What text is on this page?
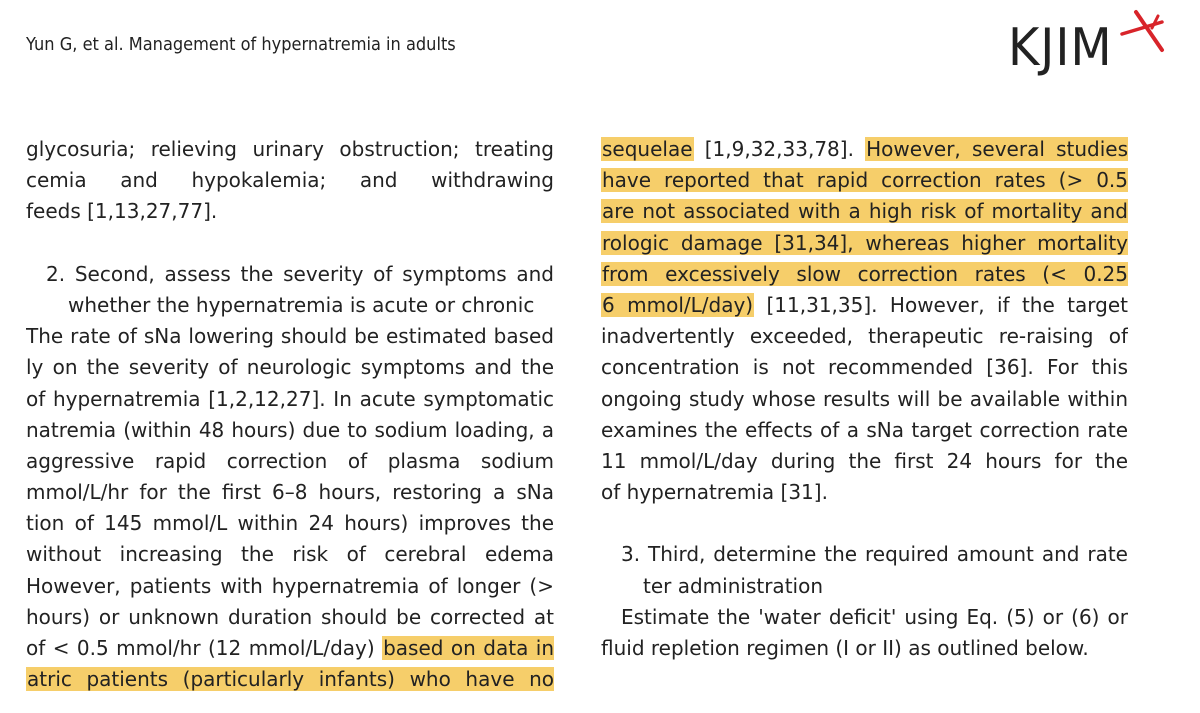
Yun G, et al. Management of hypernatremia in adults	KJIM
glycosuria; relieving urinary obstruction; treating
cemia and hypokalemia; and withdrawing
feeds [1,13,27,77].
2. Second, assess the severity of symptoms and
whether the hypernatremia is acute or chronic
The rate of sNa lowering should be estimated based
ly on the severity of neurologic symptoms and the
of hypernatremia [1,2,12,27]. In acute symptomatic
natremia (within 48 hours) due to sodium loading, a
aggressive rapid correction of plasma sodium
mmol/L/hr for the first 6–8 hours, restoring a sNa
tion of 145 mmol/L within 24 hours) improves the
without increasing the risk of cerebral edema
However, patients with hypernatremia of longer (>
hours) or unknown duration should be corrected at
of < 0.5 mmol/hr (12 mmol/L/day) based on data in
atric patients (particularly infants) who have no
sequelae [1,9,32,33,78]. However, several studies
have reported that rapid correction rates (> 0.5
are not associated with a high risk of mortality and
rologic damage [31,34], whereas higher mortality
from excessively slow correction rates (< 0.25
6 mmol/L/day) [11,31,35]. However, if the target
inadvertently exceeded, therapeutic re-raising of
concentration is not recommended [36]. For this
ongoing study whose results will be available within
examines the effects of a sNa target correction rate
11 mmol/L/day during the first 24 hours for the
of hypernatremia [31].
3. Third, determine the required amount and rate
ter administration
Estimate the 'water deficit' using Eq. (5) or (6) or
fluid repletion regimen (I or II) as outlined below.
